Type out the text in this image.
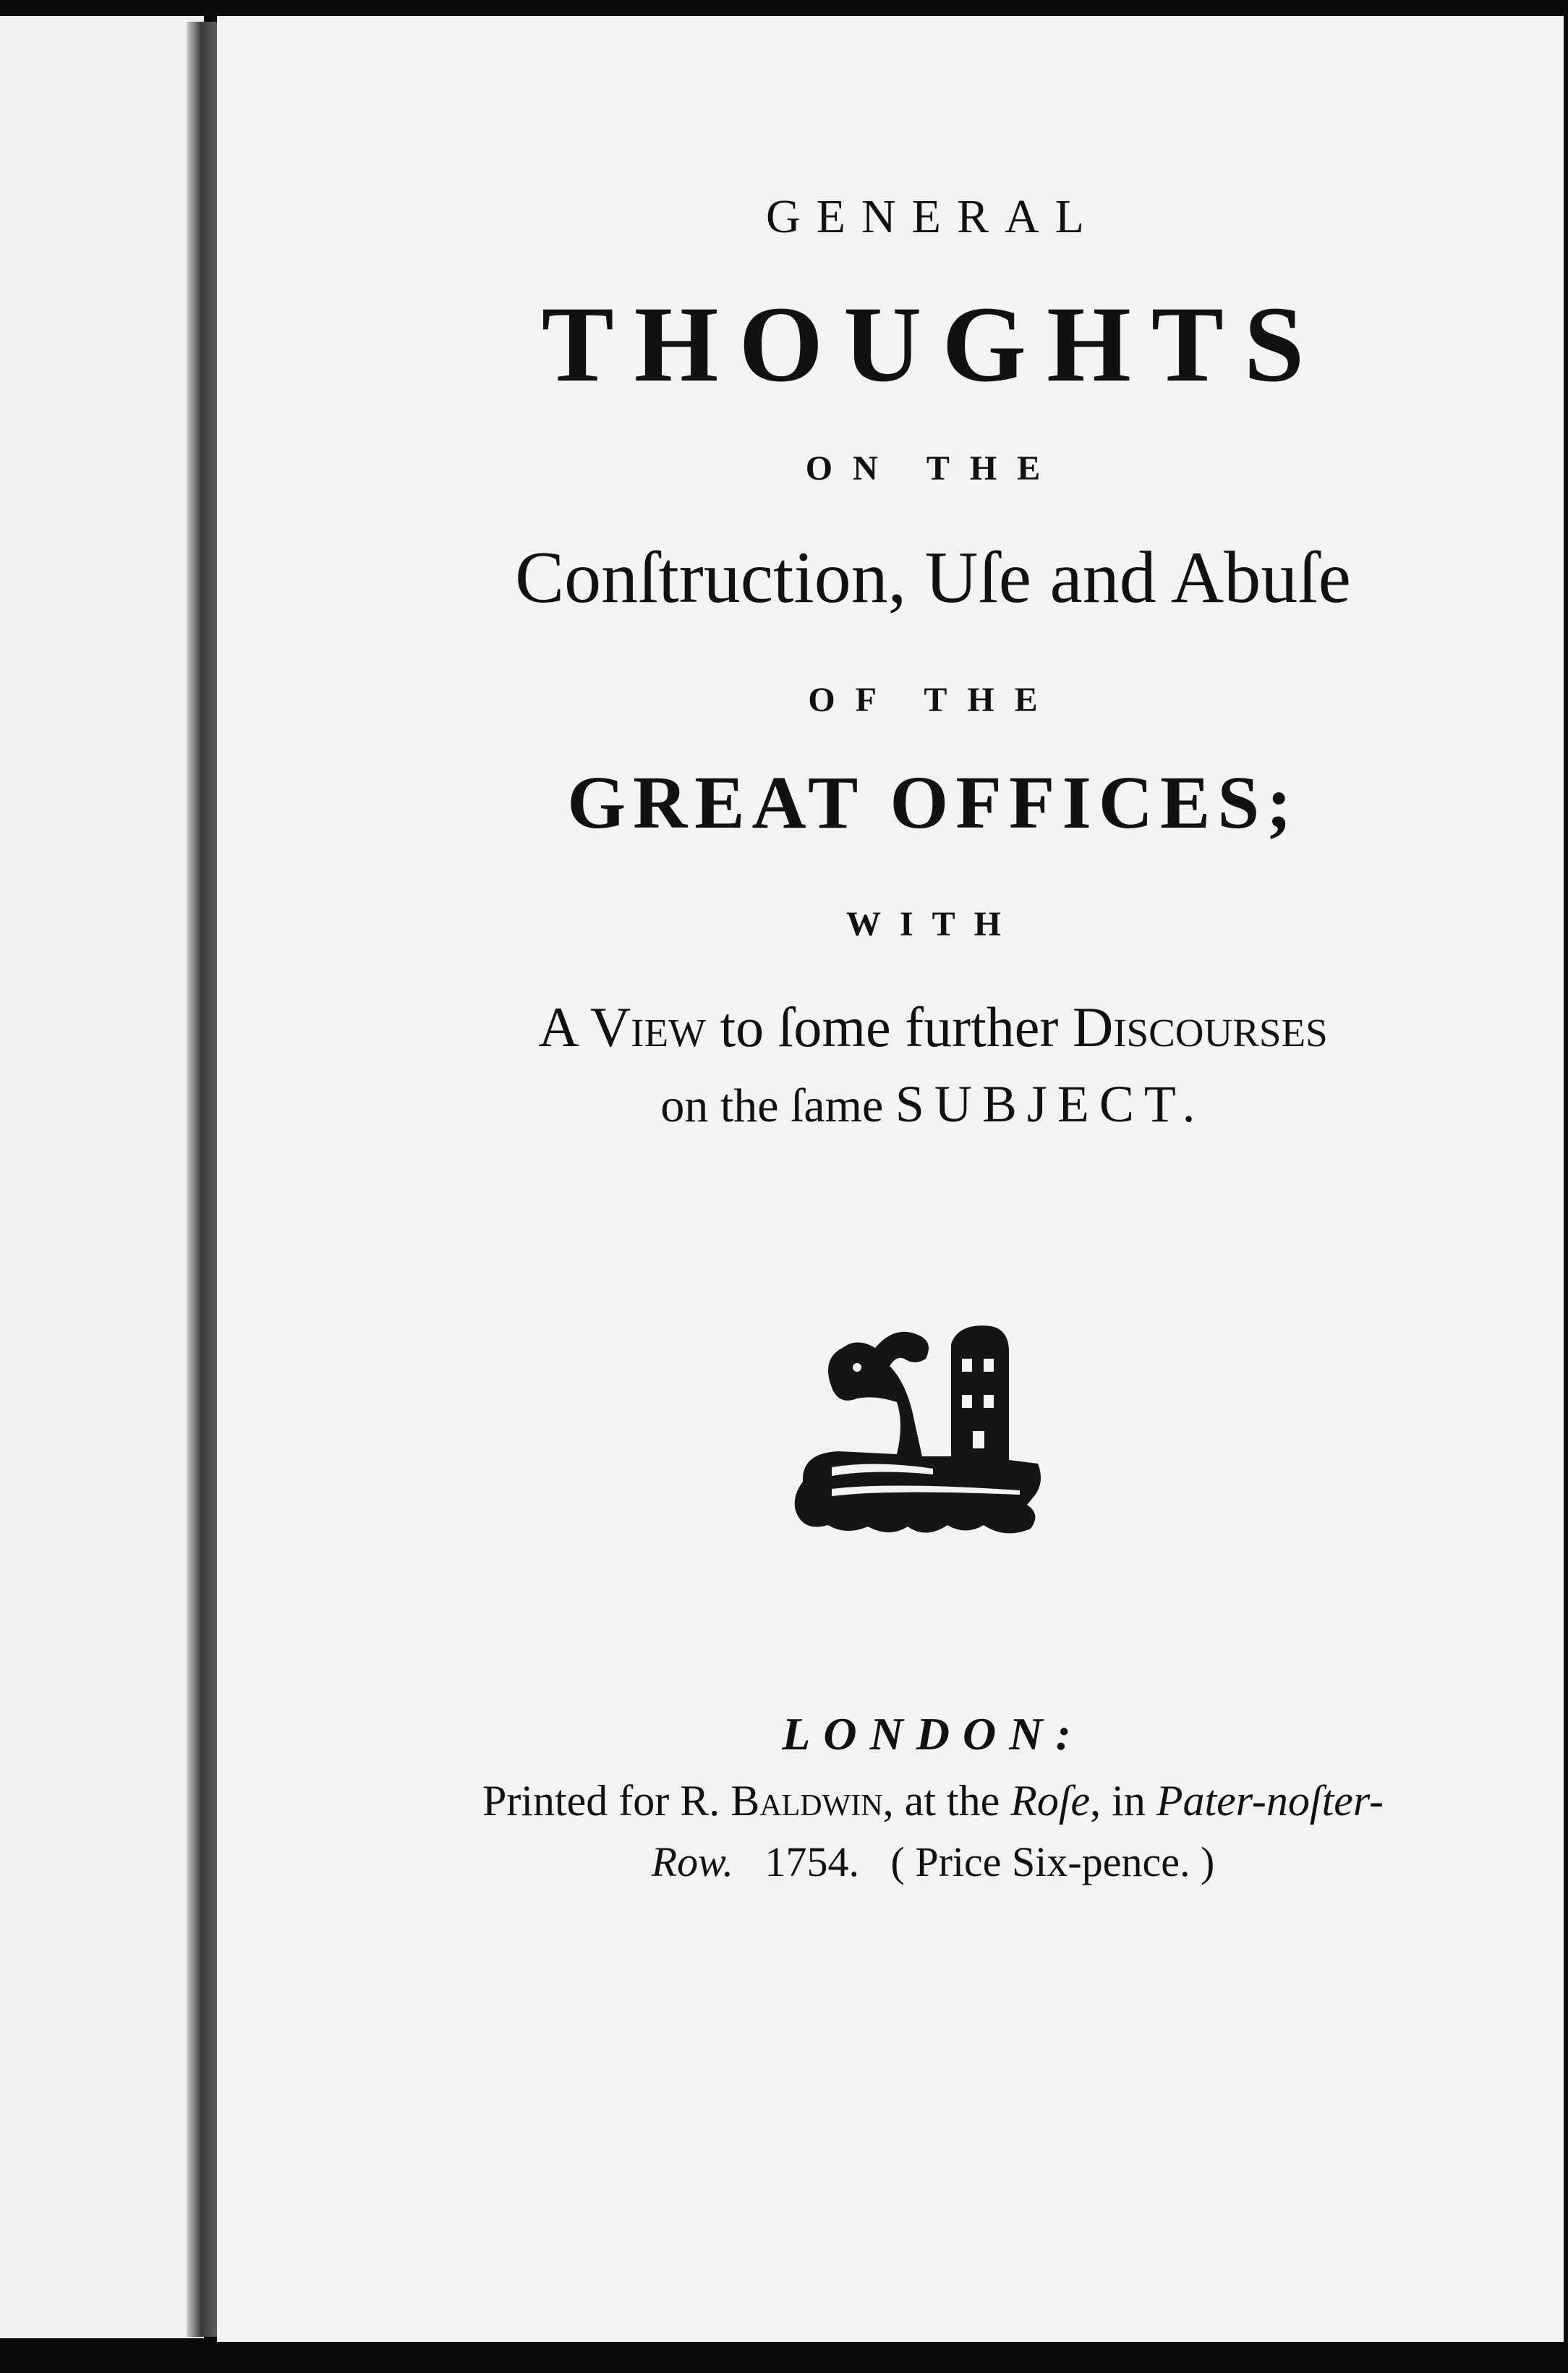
GENERAL
THOUGHTS
ON THE
Conſtruction, Uſe and Abuſe
OF THE
GREAT OFFICES;
WITH
A View to ſome further Discourses
on the ſame SUBJECT.
LONDON:
Printed for R. Baldwin, at the Roſe, in Pater-noſter-
Row. 1754. ( Price Six-pence. )
